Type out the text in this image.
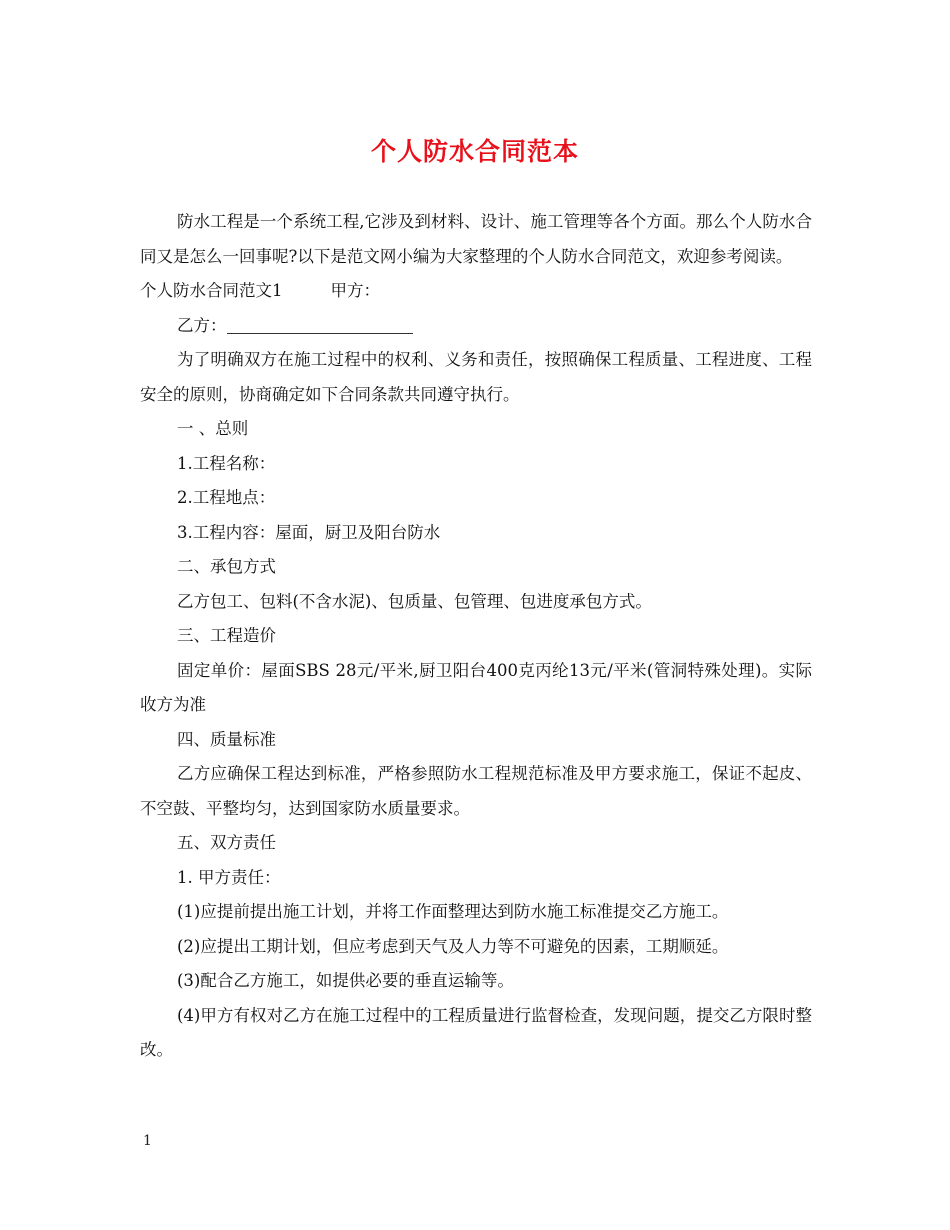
个人防水合同范本

防水工程是一个系统工程,它涉及到材料、设计、施工管理等各个方面。那么个人防水合同又是怎么一回事呢?以下是范文网小编为大家整理的个人防水合同范文，欢迎参考阅读。

个人防水合同范文1	甲方：

乙方：

为了明确双方在施工过程中的权利、义务和责任，按照确保工程质量、工程进度、工程安全的原则，协商确定如下合同条款共同遵守执行。

一 、总则

1.工程名称：

2.工程地点：

3.工程内容：屋面，厨卫及阳台防水

二、承包方式

乙方包工、包料(不含水泥)、包质量、包管理、包进度承包方式。

三、工程造价

固定单价：屋面SBS 28元/平米,厨卫阳台400克丙纶13元/平米(管洞特殊处理)。实际收方为准

四、质量标准

乙方应确保工程达到标准，严格参照防水工程规范标准及甲方要求施工，保证不起皮、不空鼓、平整均匀，达到国家防水质量要求。

五、双方责任

1. 甲方责任：

(1)应提前提出施工计划，并将工作面整理达到防水施工标准提交乙方施工。

(2)应提出工期计划，但应考虑到天气及人力等不可避免的因素，工期顺延。

(3)配合乙方施工，如提供必要的垂直运输等。

(4)甲方有权对乙方在施工过程中的工程质量进行监督检查，发现问题，提交乙方限时整改。

1
